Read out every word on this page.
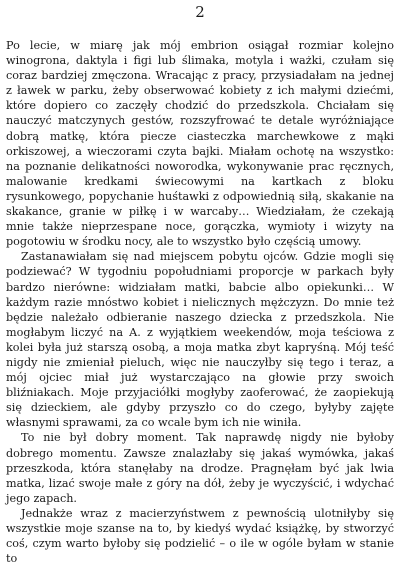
2

Po lecie, w miarę jak mój embrion osiągał rozmiar kolejno winogrona, daktyla i figi lub ślimaka, motyla i ważki, czułam się coraz bardziej zmęczona. Wracając z pracy, przysiadałam na jednej z ławek w parku, żeby obserwować kobiety z ich małymi dziećmi, które dopiero co zaczęły chodzić do przedszkola. Chciałam się nauczyć matczynych gestów, rozszyfrować te detale wyróżniające dobrą matkę, która piecze ciasteczka marchewkowe z mąki orkiszowej, a wieczorami czyta bajki. Miałam ochotę na wszystko: na poznanie delikatności noworodka, wykonywanie prac ręcznych, malowanie kredkami świecowymi na kartkach z bloku rysunkowego, popychanie huśtawki z odpowiednią siłą, skakanie na skakance, granie w piłkę i w warcaby… Wiedziałam, że czekają mnie także nieprzespane noce, gorączka, wymioty i wizyty na pogotowiu w środku nocy, ale to wszystko było częścią umowy.

Zastanawiałam się nad miejscem pobytu ojców. Gdzie mogli się podziewać? W tygodniu popołudniami proporcje w parkach były bardzo nierówne: widziałam matki, babcie albo opiekunki… W każdym razie mnóstwo kobiet i nielicznych mężczyzn. Do mnie też będzie należało odbieranie naszego dziecka z przedszkola. Nie mogłabym liczyć na A. z wyjątkiem weekendów, moja teściowa z kolei była już starszą osobą, a moja matka zbyt kapryśną. Mój teść nigdy nie zmieniał pieluch, więc nie nauczyłby się tego i teraz, a mój ojciec miał już wystarczająco na głowie przy swoich bliźniakach. Moje przyjaciółki mogłyby zaoferować, że zaopiekują się dzieckiem, ale gdyby przyszło co do czego, byłyby zajęte własnymi sprawami, za co wcale bym ich nie winiła.

To nie był dobry moment. Tak naprawdę nigdy nie byłoby dobrego momentu. Zawsze znalazłaby się jakaś wymówka, jakaś przeszkoda, która stanęłaby na drodze. Pragnęłam być jak lwia matka, lizać swoje małe z góry na dół, żeby je wyczyścić, i wdychać jego zapach.

Jednakże wraz z macierzyństwem z pewnością ulotniłyby się wszystkie moje szanse na to, by kiedyś wydać książkę, by stworzyć coś, czym warto byłoby się podzielić – o ile w ogóle byłam w stanie to
